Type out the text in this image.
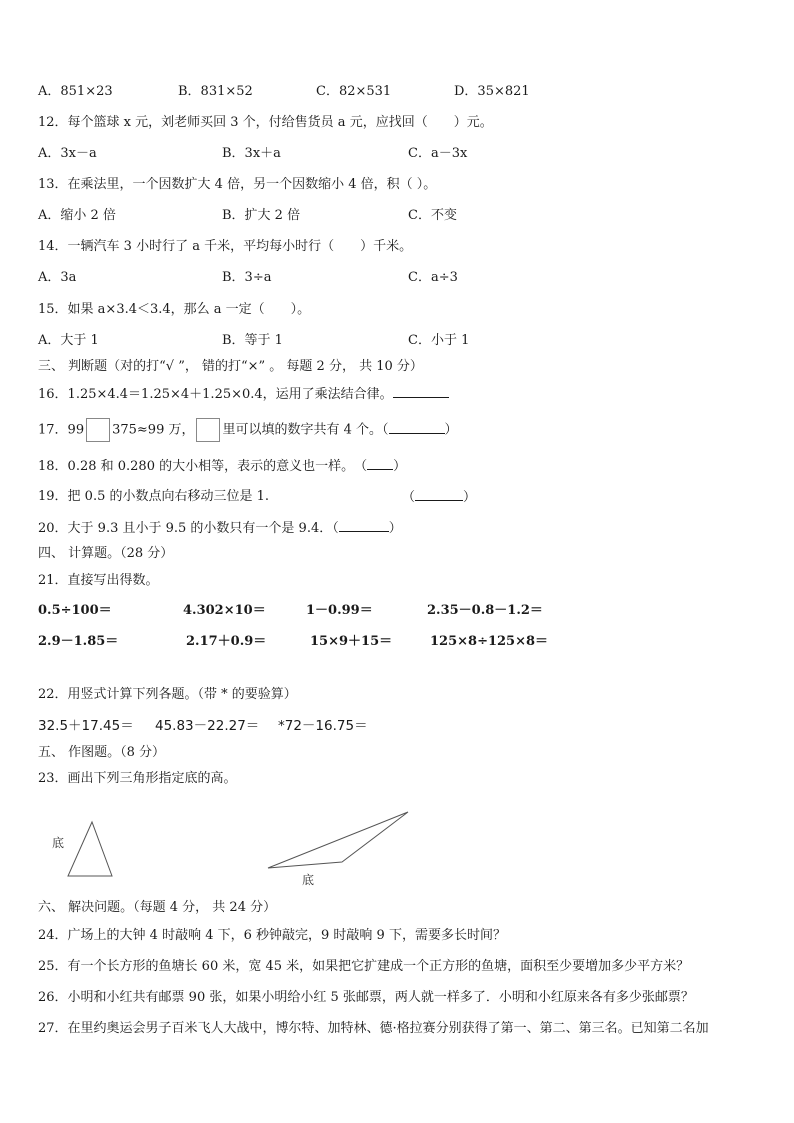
A．851×23	B．831×52	C．82×531	D．35×821
12．每个篮球 x 元，刘老师买回 3 个，付给售货员 a 元，应找回（　　）元。
A．3x－a	B．3x＋a	C．a－3x
13．在乘法里，一个因数扩大 4 倍，另一个因数缩小 4 倍，积（ ）。
A．缩小 2 倍	B．扩大 2 倍	C．不变
14．一辆汽车 3 小时行了 a 千米，平均每小时行（　　）千米。
A．3a	B．3÷a	C．a÷3
15．如果 a×3.4＜3.4，那么 a 一定（　　）。
A．大于 1	B．等于 1	C．小于 1
三、 判断题（对的打“√ ”， 错的打“×” 。 每题 2 分， 共 10 分）
16．1.25×4.4＝1.25×4＋1.25×0.4，运用了乘法结合律。
17．99 375≈99 万， 里可以填的数字共有 4 个。（	）
18．0.28 和 0.280 的大小相等，表示的意义也一样。　（ ）
19．把 0.5 的小数点向右移动三位是 1.	（	）
20．大于 9.3 且小于 9.5 的小数只有一个是 9.4．（	）
四、 计算题。（28 分）
21．直接写出得数。
0.5÷100＝	4.302×10＝	1－0.99＝	2.35－0.8－1.2＝
2.9－1.85＝	2.17＋0.9＝	15×9＋15＝	125×8÷125×8＝
22．用竖式计算下列各题。（带 * 的要验算）
32.5＋17.45＝ 45.83－22.27＝ *72－16.75＝
五、 作图题。（8 分）
23．画出下列三角形指定底的高。
底
底
六、 解决问题。（每题 4 分， 共 24 分）
24．广场上的大钟 4 时敲响 4 下，6 秒钟敲完，9 时敲响 9 下，需要多长时间？
25．有一个长方形的鱼塘长 60 米，宽 45 米，如果把它扩建成一个正方形的鱼塘，面积至少要增加多少平方米？
26．小明和小红共有邮票 90 张，如果小明给小红 5 张邮票，两人就一样多了．小明和小红原来各有多少张邮票？
27．在里约奥运会男子百米飞人大战中，博尔特、加特林、德·格拉赛分别获得了第一、第二、第三名。已知第二名加
